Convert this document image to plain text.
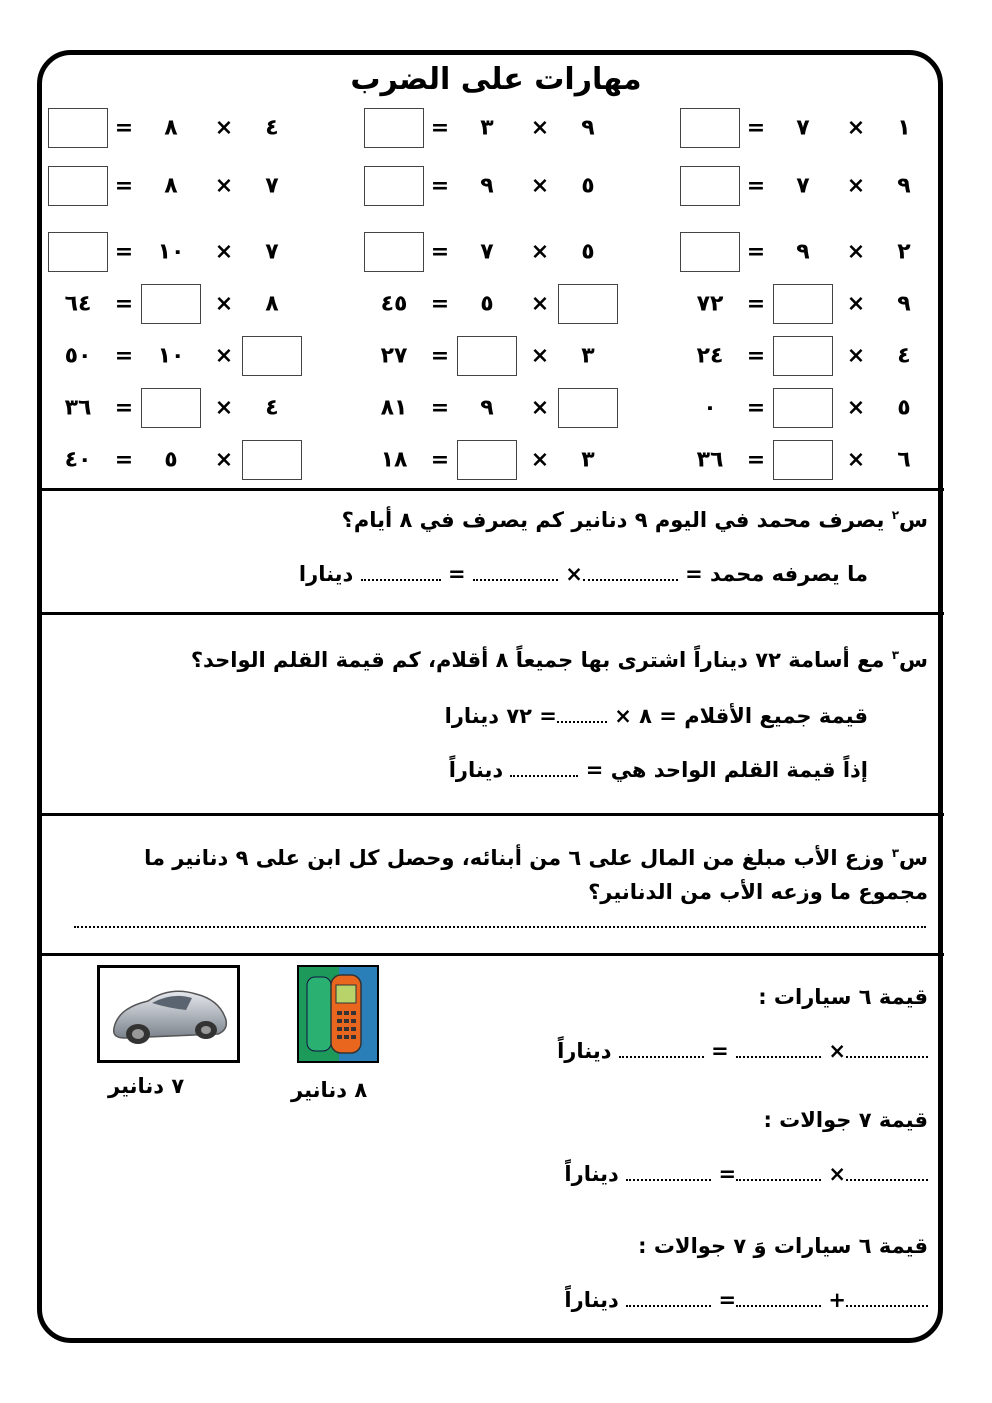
مهارات على الضرب
١
×
٧
=
٩
×
٣
=
٤
×
٨
=
٩
×
٧
=
٥
×
٩
=
٧
×
٨
=
٢
×
٩
=
٥
×
٧
=
٧
×
١٠
=
٩
×
=
٧٢
×
٥
=
٤٥
٨
×
=
٦٤
٤
×
=
٢٤
٣
×
=
٢٧
×
١٠
=
٥٠
٥
×
=
٠
×
٩
=
٨١
٤
×
=
٣٦
٦
×
=
٣٦
٣
×
=
١٨
×
٥
=
٤٠
س$^٢$ يصرف محمد في اليوم ٩ دنانير كم يصرف في ٨ أيام؟
ما يصرفه محمد = ×  =  دينارا
س$^٣$ مع أسامة ٧٢ ديناراً اشترى بها جميعاً ٨ أقلام، كم قيمة القلم الواحد؟
قيمة جميع الأقلام = ٨ × = ٧٢ دينارا
إذاً قيمة القلم الواحد هي =  ديناراً
س$^٣$ وزع الأب مبلغ من المال على ٦ من أبنائه، وحصل كل ابن على ٩ دنانير ما
مجموع ما وزعه الأب من الدنانير؟
٧ دنانير	٨ دنانير
قيمة ٦ سيارات :
×  =  ديناراً
قيمة ٧ جوالات :
× =  ديناراً
قيمة ٦ سيارات وَ ٧ جوالات :
+ =  ديناراً
